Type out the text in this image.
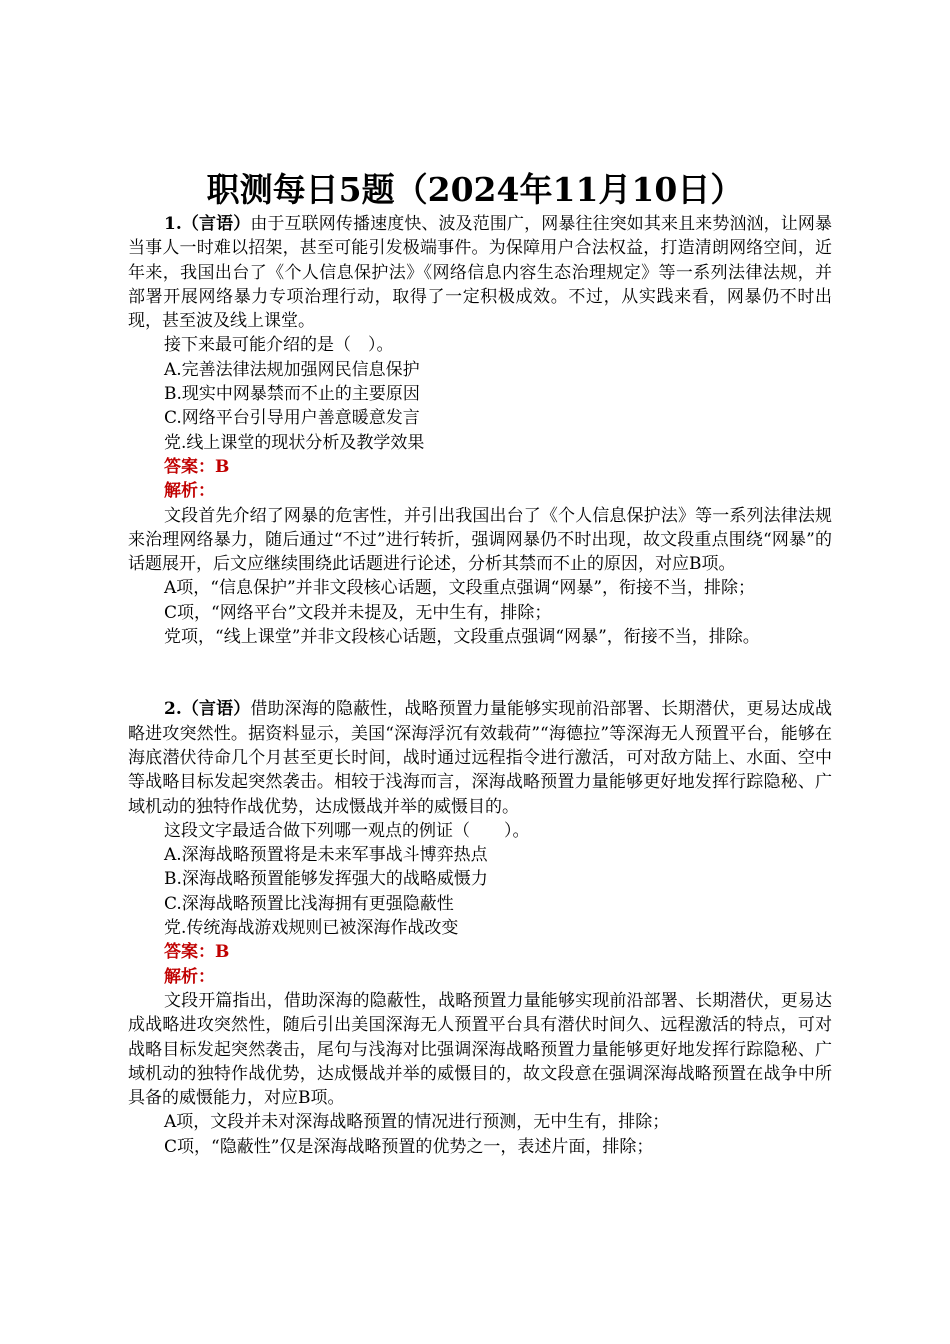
职测每日5题（2024年11月10日）

1.（言语）由于互联网传播速度快、波及范围广，网暴往往突如其来且来势汹汹，让网暴当事人一时难以招架，甚至可能引发极端事件。为保障用户合法权益，打造清朗网络空间，近年来，我国出台了《个人信息保护法》《网络信息内容生态治理规定》等一系列法律法规，并部署开展网络暴力专项治理行动，取得了一定积极成效。不过，从实践来看，网暴仍不时出现，甚至波及线上课堂。

接下来最可能介绍的是（　）。

A.完善法律法规加强网民信息保护

B.现实中网暴禁而不止的主要原因

C.网络平台引导用户善意暖意发言

党.线上课堂的现状分析及教学效果

答案：B

解析：

文段首先介绍了网暴的危害性，并引出我国出台了《个人信息保护法》等一系列法律法规来治理网络暴力，随后通过“不过”进行转折，强调网暴仍不时出现，故文段重点围绕“网暴”的话题展开，后文应继续围绕此话题进行论述，分析其禁而不止的原因，对应B项。

A项，“信息保护”并非文段核心话题，文段重点强调“网暴”，衔接不当，排除；

C项，“网络平台”文段并未提及，无中生有，排除；

党项，“线上课堂”并非文段核心话题，文段重点强调“网暴”，衔接不当，排除。

2.（言语）借助深海的隐蔽性，战略预置力量能够实现前沿部署、长期潜伏，更易达成战略进攻突然性。据资料显示，美国“深海浮沉有效载荷”“海德拉”等深海无人预置平台，能够在海底潜伏待命几个月甚至更长时间，战时通过远程指令进行激活，可对敌方陆上、水面、空中等战略目标发起突然袭击。相较于浅海而言，深海战略预置力量能够更好地发挥行踪隐秘、广域机动的独特作战优势，达成慑战并举的威慑目的。

这段文字最适合做下列哪一观点的例证（　　）。

A.深海战略预置将是未来军事战斗博弈热点

B.深海战略预置能够发挥强大的战略威慑力

C.深海战略预置比浅海拥有更强隐蔽性

党.传统海战游戏规则已被深海作战改变

答案：B

解析：

文段开篇指出，借助深海的隐蔽性，战略预置力量能够实现前沿部署、长期潜伏，更易达成战略进攻突然性，随后引出美国深海无人预置平台具有潜伏时间久、远程激活的特点，可对战略目标发起突然袭击，尾句与浅海对比强调深海战略预置力量能够更好地发挥行踪隐秘、广域机动的独特作战优势，达成慑战并举的威慑目的，故文段意在强调深海战略预置在战争中所具备的威慑能力，对应B项。

A项，文段并未对深海战略预置的情况进行预测，无中生有，排除；

C项，“隐蔽性”仅是深海战略预置的优势之一，表述片面，排除；
